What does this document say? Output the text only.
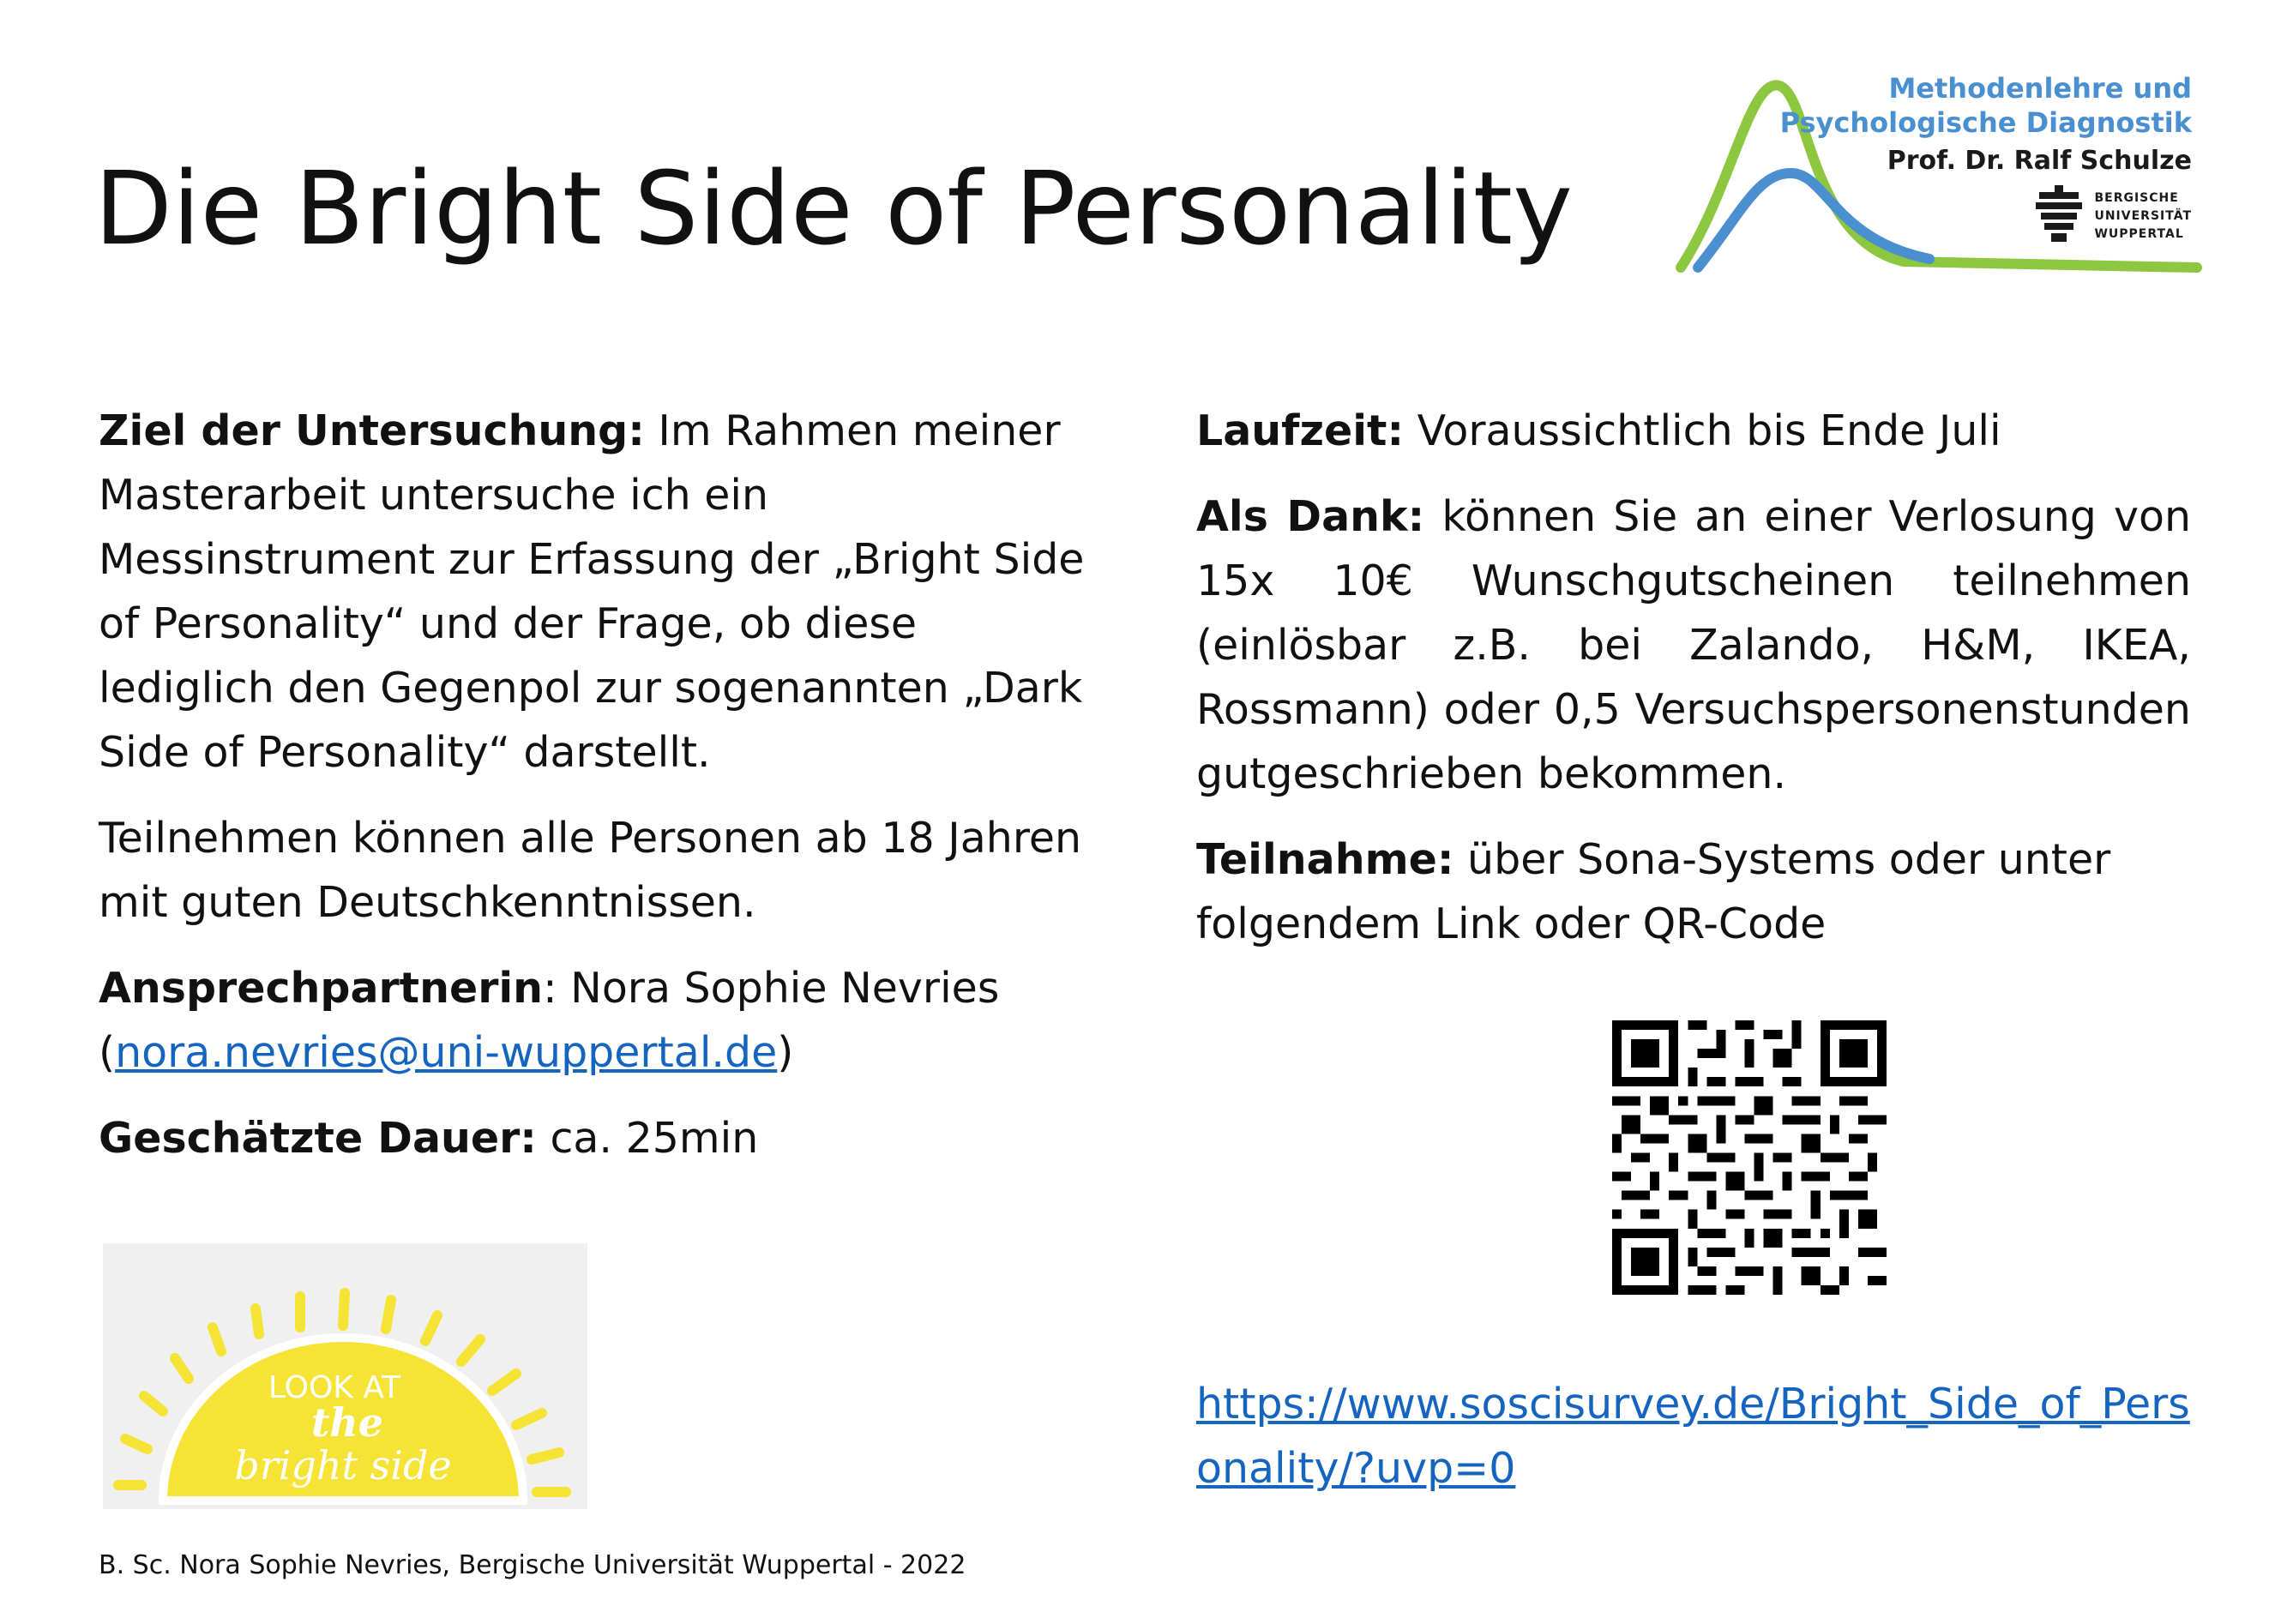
Die Bright Side of Personality
Methodenlehre und
Psychologische Diagnostik
Prof. Dr. Ralf Schulze
BERGISCHE
UNIVERSITÄT
WUPPERTAL

Ziel der Untersuchung: Im Rahmen meiner Masterarbeit untersuche ich ein Messinstrument zur Erfassung der „Bright Side of Personality“ und der Frage, ob diese lediglich den Gegenpol zur sogenannten „Dark Side of Personality“ darstellt.

Teilnehmen können alle Personen ab 18 Jahren mit guten Deutschkenntnissen.

Ansprechpartnerin: Nora Sophie Nevries
(nora.nevries@uni-wuppertal.de)

Geschätzte Dauer: ca. 25min

Laufzeit: Voraussichtlich bis Ende Juli

Als Dank: können Sie an einer Verlosung von 15x 10€ Wunschgutscheinen teilnehmen (einlösbar z.B. bei Zalando, H&M, IKEA, Rossmann) oder 0,5 Versuchspersonenstunden gutgeschrieben bekommen.

Teilnahme: über Sona-Systems oder unter folgendem Link oder QR-Code

https://www.soscisurvey.de/Bright_Side_of_Personality/?uvp=0
LOOK AT
the
bright side
B. Sc. Nora Sophie Nevries, Bergische Universität Wuppertal - 2022
